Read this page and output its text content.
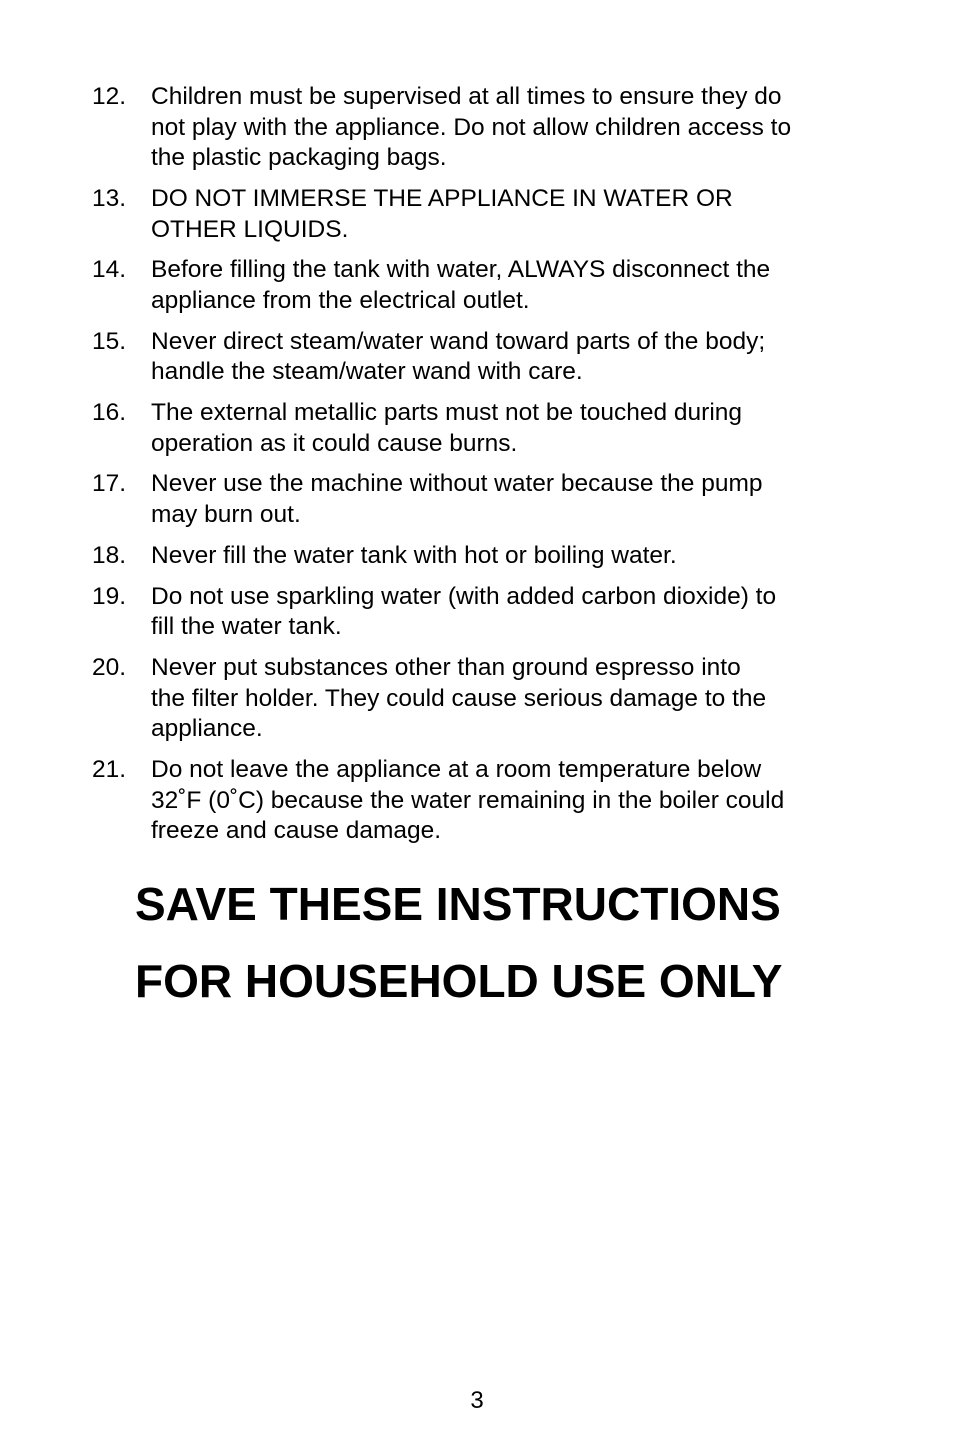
12.	Children must be supervised at all times to ensure they do
not play with the appliance. Do not allow children access to
the plastic packaging bags.
13.	DO NOT IMMERSE THE APPLIANCE IN WATER OR
OTHER LIQUIDS.
14.	Before filling the tank with water, ALWAYS disconnect the
appliance from the electrical outlet.
15.	Never direct steam/water wand toward parts of the body;
handle the steam/water wand with care.
16.	The external metallic parts must not be touched during
operation as it could cause burns.
17.	Never use the machine without water because the pump
may burn out.
18.	Never fill the water tank with hot or boiling water.
19.	Do not use sparkling water (with added carbon dioxide) to
fill the water tank.
20.	Never put substances other than ground espresso into
the filter holder. They could cause serious damage to the
appliance.
21.	Do not leave the appliance at a room temperature below
32˚F (0˚C) because the water remaining in the boiler could
freeze and cause damage.
SAVE THESE INSTRUCTIONS
FOR HOUSEHOLD USE ONLY
3
